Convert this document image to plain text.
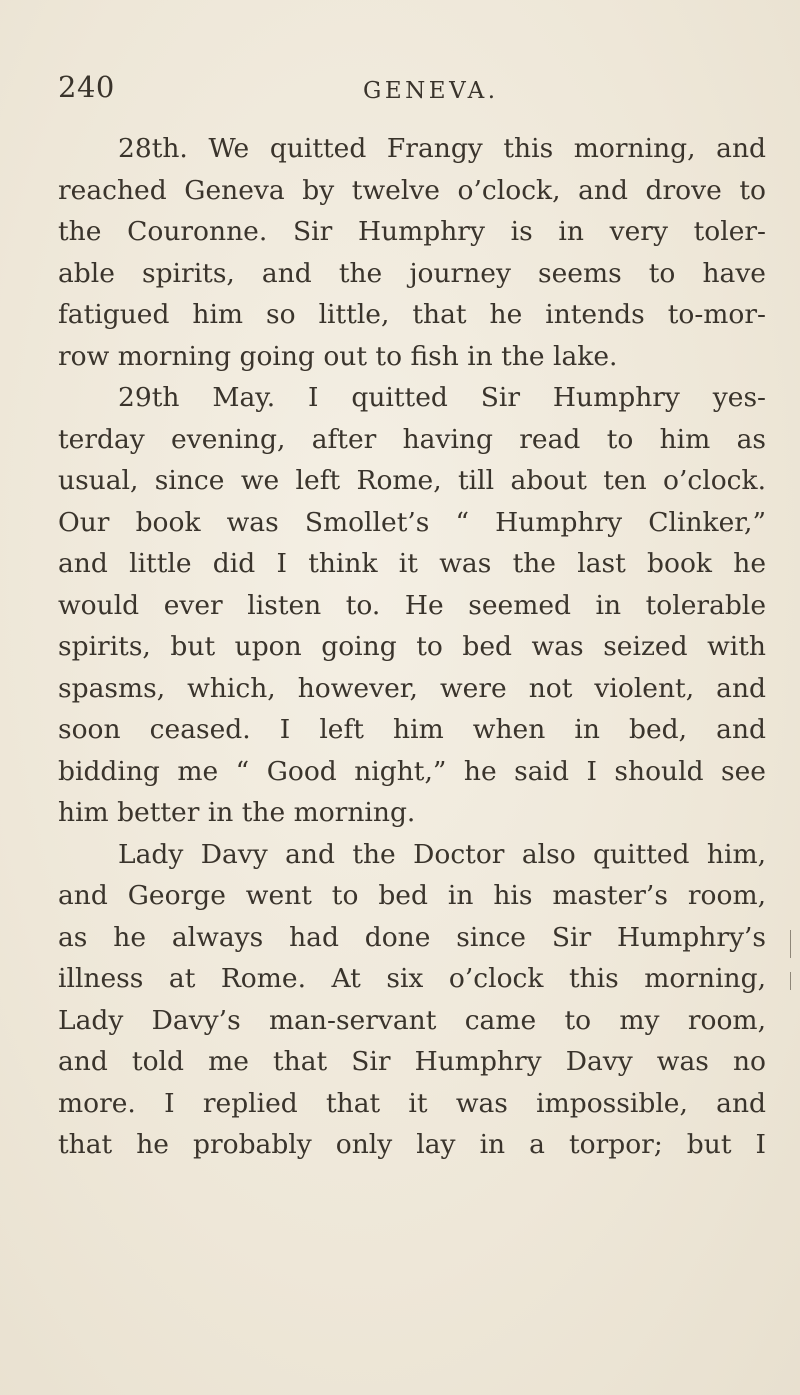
240	GENEVA.
28th. We quitted Frangy this morning, and
reached Geneva by twelve o’clock, and drove to
the Couronne. Sir Humphry is in very toler-
able spirits, and the journey seems to have
fatigued him so little, that he intends to-mor-
row morning going out to fish in the lake.
29th May. I quitted Sir Humphry yes-
terday evening, after having read to him as
usual, since we left Rome, till about ten o’clock.
Our book was Smollet’s “ Humphry Clinker,”
and little did I think it was the last book he
would ever listen to. He seemed in tolerable
spirits, but upon going to bed was seized with
spasms, which, however, were not violent, and
soon ceased. I left him when in bed, and
bidding me “ Good night,” he said I should see
him better in the morning.
Lady Davy and the Doctor also quitted him,
and George went to bed in his master’s room,
as he always had done since Sir Humphry’s
illness at Rome. At six o’clock this morning,
Lady Davy’s man-servant came to my room,
and told me that Sir Humphry Davy was no
more. I replied that it was impossible, and
that he probably only lay in a torpor; but I
